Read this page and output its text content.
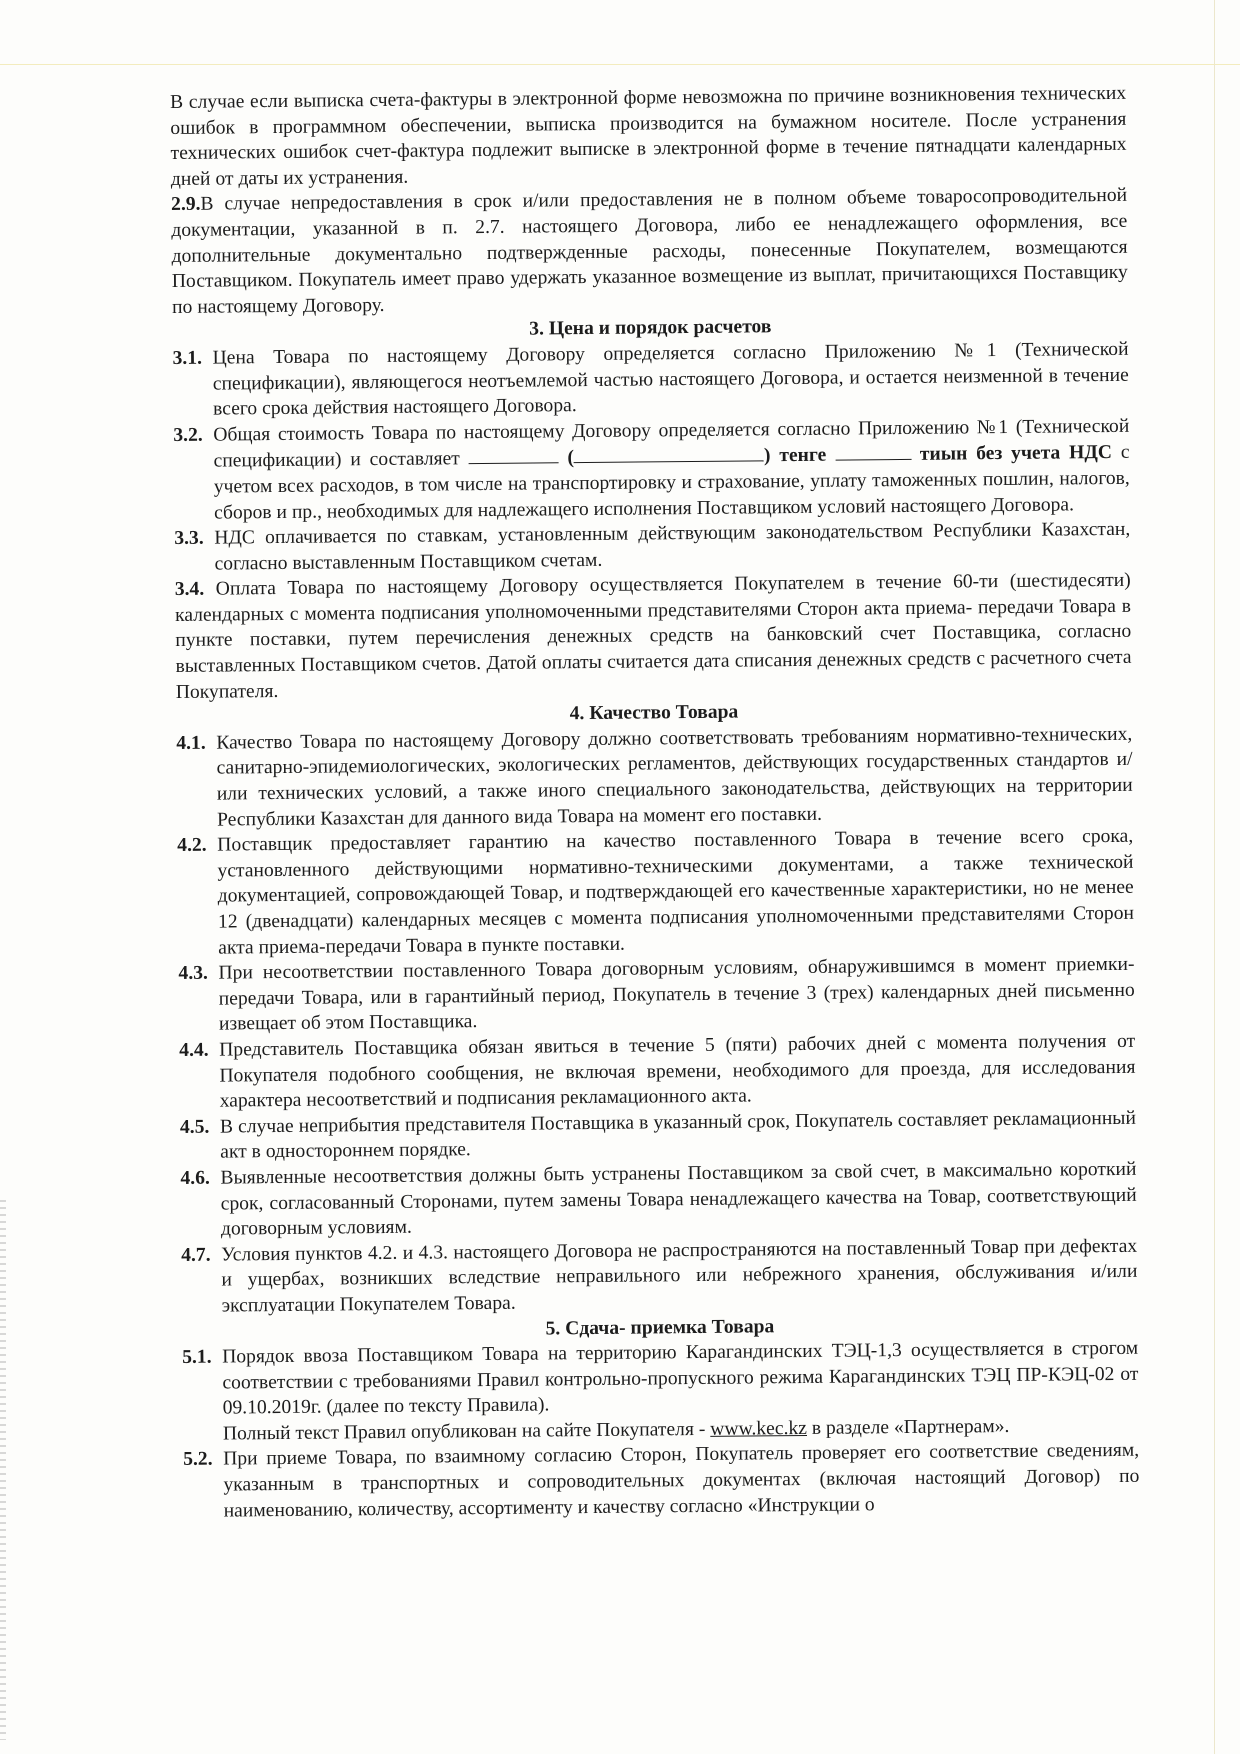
В случае если выписка счета-фактуры в электронной форме невозможна по причине возникновения технических ошибок в программном обеспечении, выписка производится на бумажном носителе. После устранения технических ошибок счет-фактура подлежит выписке в электронной форме в течение пятнадцати календарных дней от даты их устранения.

2.9.В случае непредоставления в срок и/или предоставления не в полном объеме товаросопроводительной документации, указанной в п. 2.7. настоящего Договора, либо ее ненадлежащего оформления, все дополнительные документально подтвержденные расходы, понесенные Покупателем, возмещаются Поставщиком. Покупатель имеет право удержать указанное возмещение из выплат, причитающихся Поставщику по настоящему Договору.

3. Цена и порядок расчетов

3.1. Цена Товара по настоящему Договору определяется согласно Приложению №1 (Технической спецификации), являющегося неотъемлемой частью настоящего Договора, и остается неизменной в течение всего срока действия настоящего Договора.
3.2. Общая стоимость Товара по настоящему Договору определяется согласно Приложению №1 (Технической спецификации) и составляет	(	) тенге	тиын без учета НДС с учетом всех расходов, в том числе на транспортировку и страхование, уплату таможенных пошлин, налогов, сборов и пр., необходимых для надлежащего исполнения Поставщиком условий настоящего Договора.
3.3. НДС оплачивается по ставкам, установленным действующим законодательством Республики Казахстан, согласно выставленным Поставщиком счетам.

3.4. Оплата Товара по настоящему Договору осуществляется Покупателем в течение 60-ти (шестидесяти) календарных с момента подписания уполномоченными представителями Сторон акта приема- передачи Товара в пункте поставки, путем перечисления денежных средств на банковский счет Поставщика, согласно выставленных Поставщиком счетов. Датой оплаты считается дата списания денежных средств с расчетного счета Покупателя.

4. Качество Товара

4.1. Качество Товара по настоящему Договору должно соответствовать требованиям нормативно-технических, санитарно-эпидемиологических, экологических регламентов, действующих государственных стандартов и/или технических условий, а также иного специального законодательства, действующих на территории Республики Казахстан для данного вида Товара на момент его поставки.
4.2. Поставщик предоставляет гарантию на качество поставленного Товара в течение всего срока, установленного действующими нормативно-техническими документами, а также технической документацией, сопровождающей Товар, и подтверждающей его качественные характеристики, но не менее 12 (двенадцати) календарных месяцев с момента подписания уполномоченными представителями Сторон акта приема-передачи Товара в пункте поставки.
4.3. При несоответствии поставленного Товара договорным условиям, обнаружившимся в момент приемки-передачи Товара, или в гарантийный период, Покупатель в течение 3 (трех) календарных дней письменно извещает об этом Поставщика.
4.4. Представитель Поставщика обязан явиться в течение 5 (пяти) рабочих дней с момента получения от Покупателя подобного сообщения, не включая времени, необходимого для проезда, для исследования характера несоответствий и подписания рекламационного акта.
4.5. В случае неприбытия представителя Поставщика в указанный срок, Покупатель составляет рекламационный акт в одностороннем порядке.
4.6. Выявленные несоответствия должны быть устранены Поставщиком за свой счет, в максимально короткий срок, согласованный Сторонами, путем замены Товара ненадлежащего качества на Товар, соответствующий договорным условиям.
4.7. Условия пунктов 4.2. и 4.3. настоящего Договора не распространяются на поставленный Товар при дефектах и ущербах, возникших вследствие неправильного или небрежного хранения, обслуживания и/или эксплуатации Покупателем Товара.

5. Сдача- приемка Товара

5.1. Порядок ввоза Поставщиком Товара на территорию Карагандинских ТЭЦ-1,3 осуществляется в строгом соответствии с требованиями Правил контрольно-пропускного режима Карагандинских ТЭЦ ПР-КЭЦ-02 от 09.10.2019г. (далее по тексту Правила).
Полный текст Правил опубликован на сайте Покупателя - www.kec.kz в разделе «Партнерам».
5.2. При приеме Товара, по взаимному согласию Сторон, Покупатель проверяет его соответствие сведениям, указанным в транспортных и сопроводительных документах (включая настоящий Договор) по наименованию, количеству, ассортименту и качеству согласно «Инструкции о
